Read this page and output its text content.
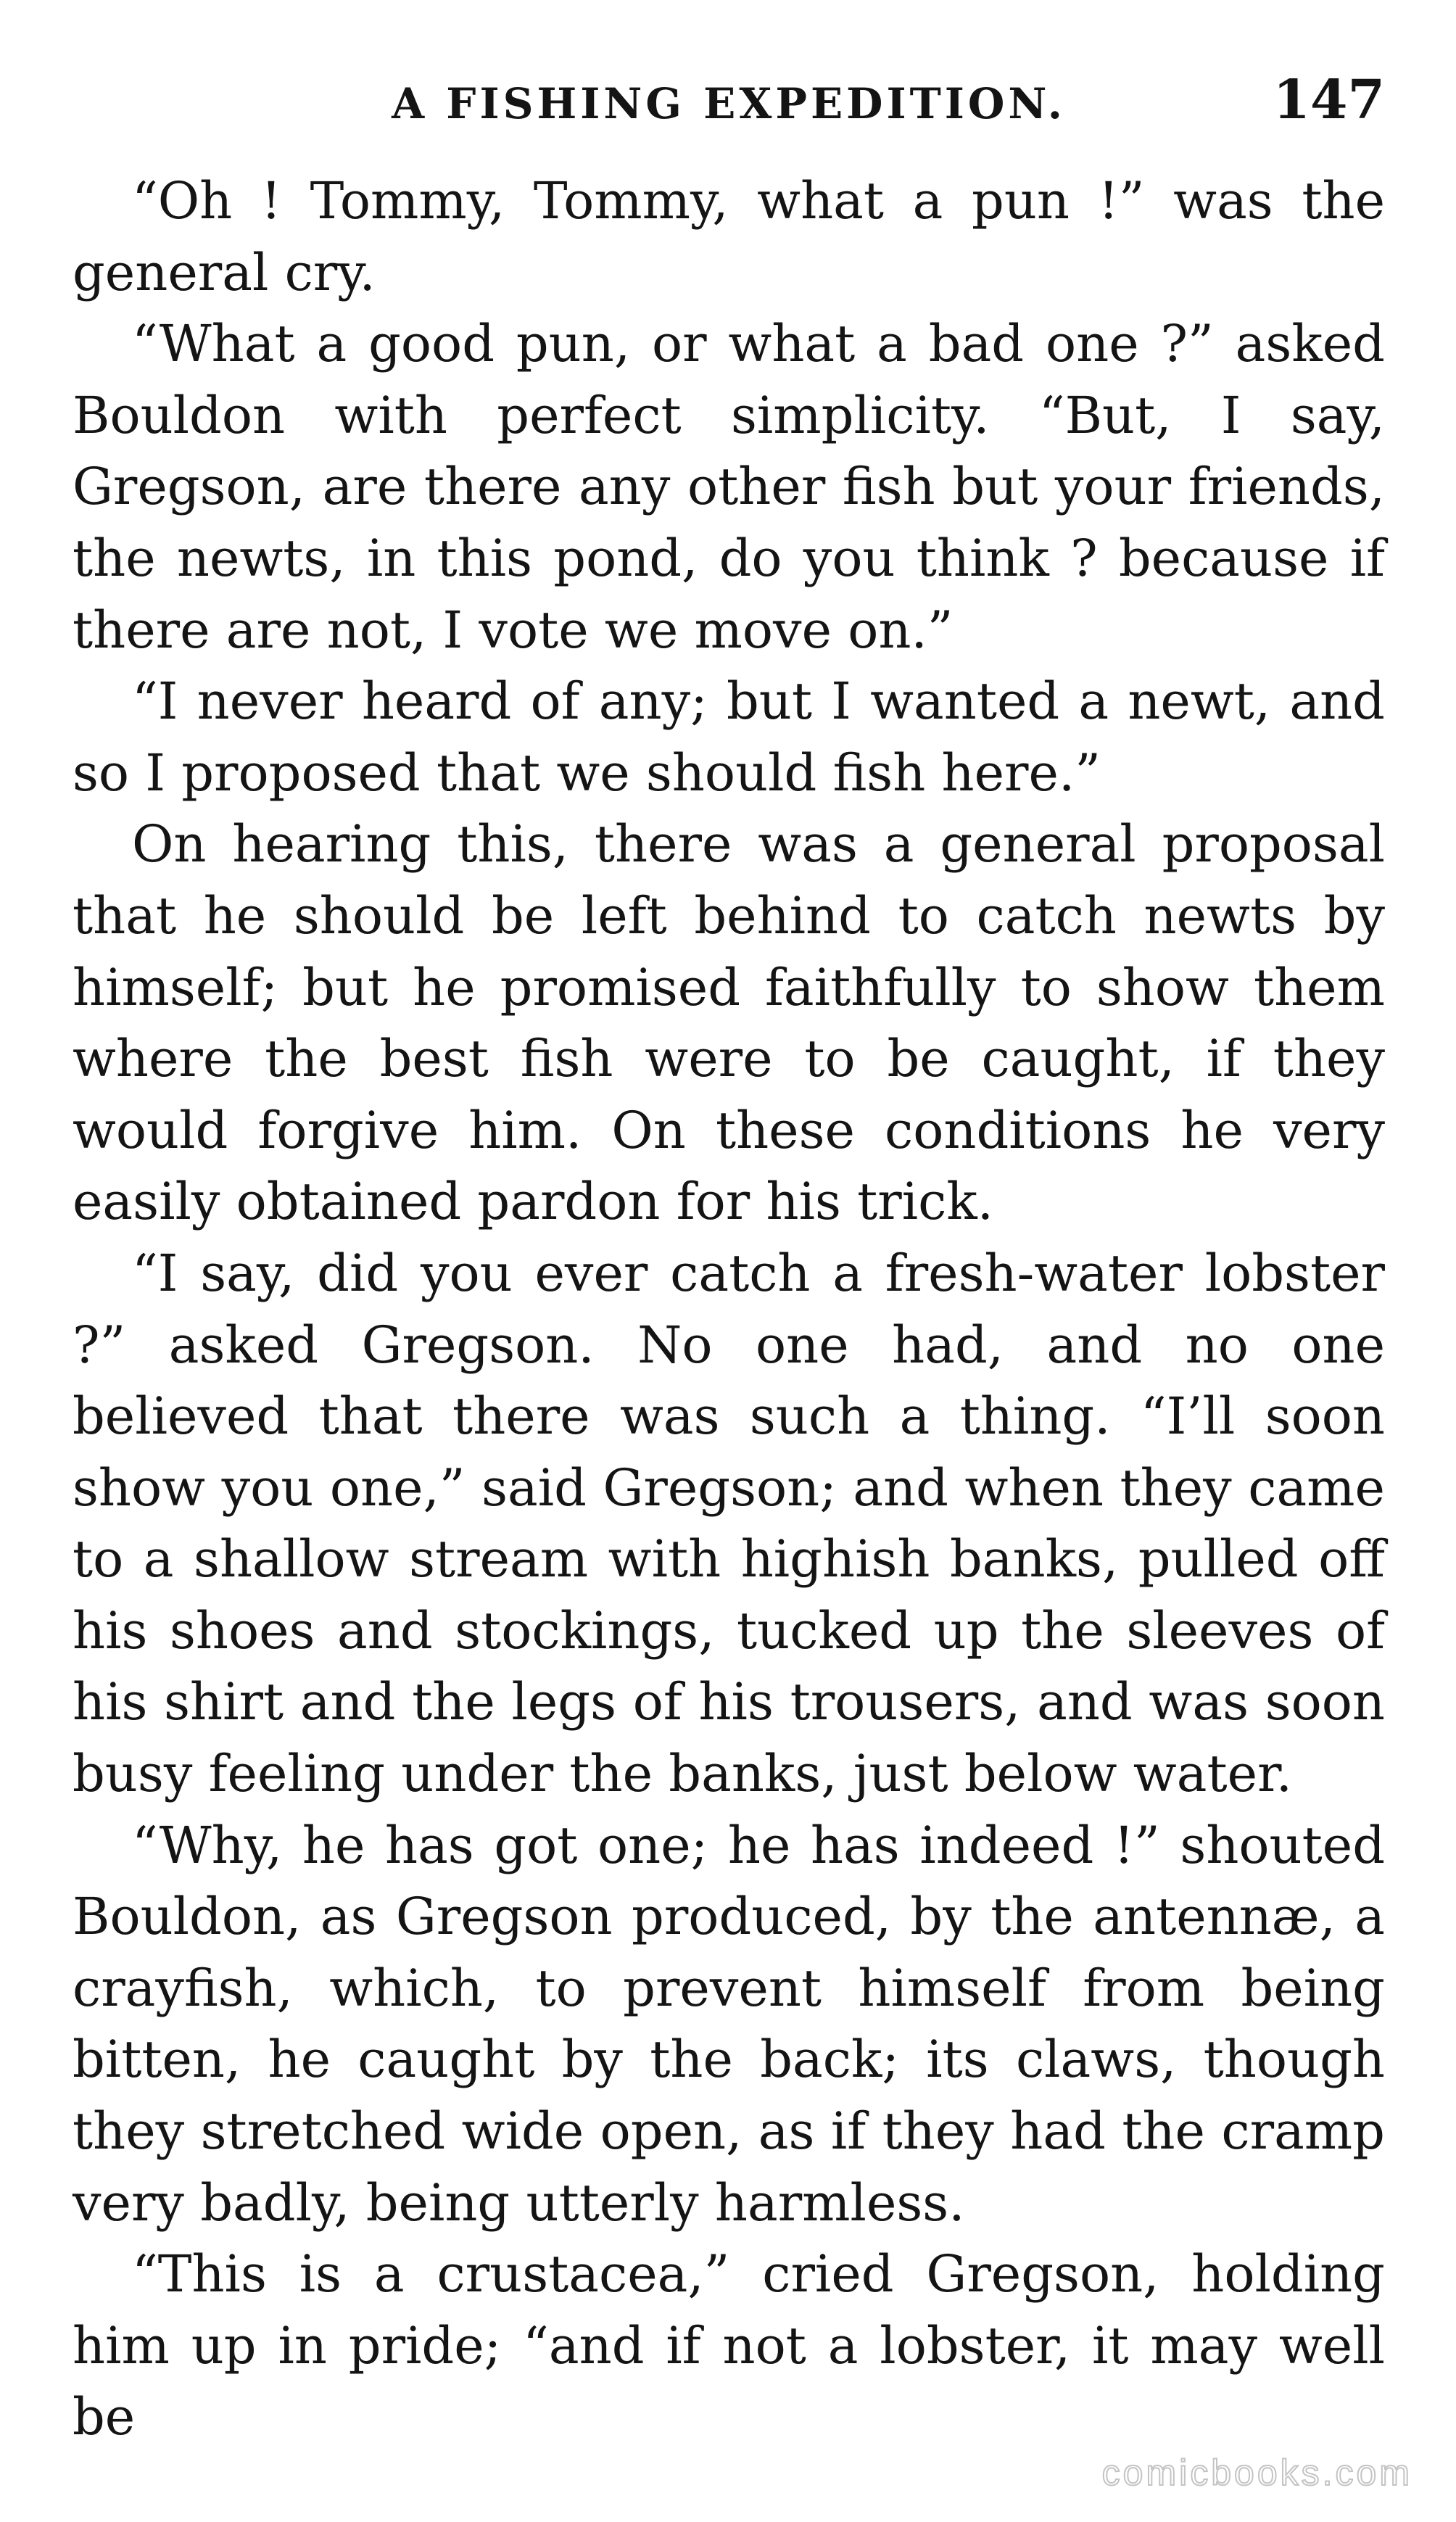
A FISHING EXPEDITION.	147

“Oh ! Tommy, Tommy, what a pun !” was the general cry.

“What a good pun, or what a bad one ?” asked Bouldon with perfect simplicity. “But, I say, Gregson, are there any other fish but your friends, the newts, in this pond, do you think ? because if there are not, I vote we move on.”

“I never heard of any; but I wanted a newt, and so I proposed that we should fish here.”

On hearing this, there was a general proposal that he should be left behind to catch newts by himself; but he promised faithfully to show them where the best fish were to be caught, if they would forgive him. On these conditions he very easily obtained pardon for his trick.

“I say, did you ever catch a fresh-water lobster ?” asked Gregson. No one had, and no one believed that there was such a thing. “I’ll soon show you one,” said Gregson; and when they came to a shallow stream with highish banks, pulled off his shoes and stockings, tucked up the sleeves of his shirt and the legs of his trousers, and was soon busy feeling under the banks, just below water.

“Why, he has got one; he has indeed !” shouted Bouldon, as Gregson produced, by the antennæ, a crayfish, which, to prevent himself from being bitten, he caught by the back; its claws, though they stretched wide open, as if they had the cramp very badly, being utterly harmless.

“This is a crustacea,” cried Gregson, holding him up in pride; “and if not a lobster, it may well be

comicbooks.com
